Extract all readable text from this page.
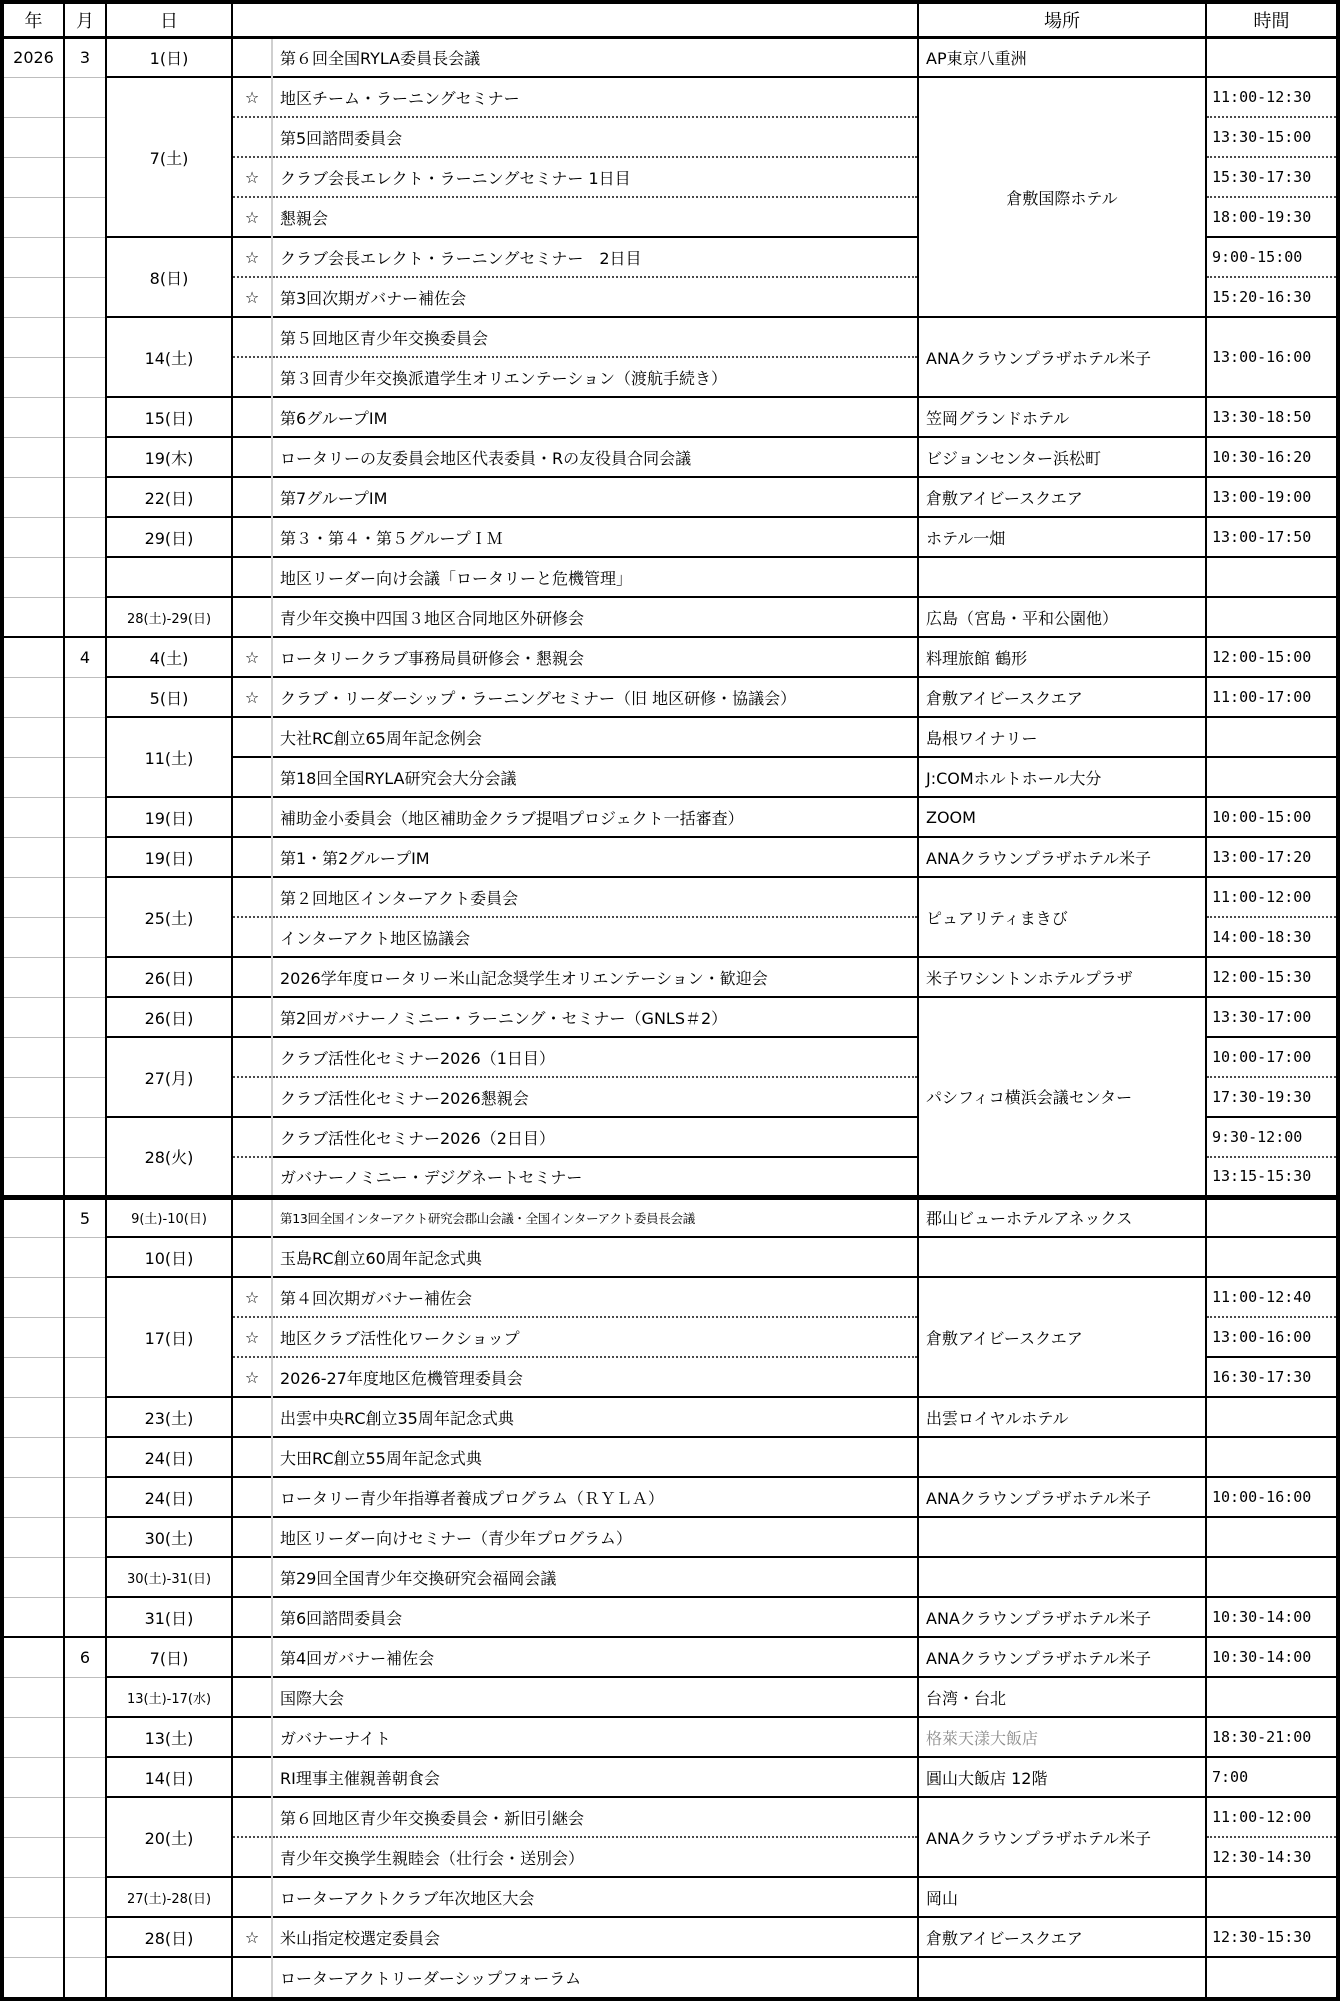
年	月	日			場所	時間
2026	3	1(日)		第６回全国RYLA委員長会議	AP東京八重洲	
		7(土)	☆	地区チーム・ラーニングセミナー	倉敷国際ホテル	11:00-12:30
				第5回諮問委員会		13:30-15:00
			☆	クラブ会長エレクト・ラーニングセミナー 1日目		15:30-17:30
			☆	懇親会		18:00-19:30
		8(日)	☆	クラブ会長エレクト・ラーニングセミナー　2日目		9:00-15:00
			☆	第3回次期ガバナー補佐会		15:20-16:30
		14(土)		第５回地区青少年交換委員会	ANAクラウンプラザホテル米子	13:00-16:00
				第３回青少年交換派遣学生オリエンテーション（渡航手続き）		
		15(日)		第6グループIM	笠岡グランドホテル	13:30-18:50
		19(木)		ロータリーの友委員会地区代表委員・Rの友役員合同会議	ビジョンセンター浜松町	10:30-16:20
		22(日)		第7グループIM	倉敷アイビースクエア	13:00-19:00
		29(日)		第３・第４・第５グループＩＭ	ホテル一畑	13:00-17:50
				地区リーダー向け会議「ロータリーと危機管理」		
		28(土)-29(日)		青少年交換中四国３地区合同地区外研修会	広島（宮島・平和公園他）	
	4	4(土)	☆	ロータリークラブ事務局員研修会・懇親会	料理旅館 鶴形	12:00-15:00
		5(日)	☆	クラブ・リーダーシップ・ラーニングセミナー（旧 地区研修・協議会）	倉敷アイビースクエア	11:00-17:00
		11(土)		大社RC創立65周年記念例会	島根ワイナリー	
				第18回全国RYLA研究会大分会議	J:COMホルトホール大分	
		19(日)		補助金小委員会（地区補助金クラブ提唱プロジェクト一括審査）	ZOOM	10:00-15:00
		19(日)		第1・第2グループIM	ANAクラウンプラザホテル米子	13:00-17:20
		25(土)		第２回地区インターアクト委員会	ピュアリティまきび	11:00-12:00
				インターアクト地区協議会		14:00-18:30
		26(日)		2026学年度ロータリー米山記念奨学生オリエンテーション・歓迎会	米子ワシントンホテルプラザ	12:00-15:30
		26(日)		第2回ガバナーノミニー・ラーニング・セミナー（GNLS＃2）	パシフィコ横浜会議センター	13:30-17:00
		27(月)		クラブ活性化セミナー2026（1日目）		10:00-17:00
				クラブ活性化セミナー2026懇親会		17:30-19:30
		28(火)		クラブ活性化セミナー2026（2日目）		9:30-12:00
				ガバナーノミニー・デジグネートセミナー		13:15-15:30
	5	9(土)-10(日)		第13回全国インターアクト研究会郡山会議・全国インターアクト委員長会議	郡山ビューホテルアネックス	
		10(日)		玉島RC創立60周年記念式典		
		17(日)	☆	第４回次期ガバナー補佐会	倉敷アイビースクエア	11:00-12:40
			☆	地区クラブ活性化ワークショップ		13:00-16:00
			☆	2026-27年度地区危機管理委員会		16:30-17:30
		23(土)		出雲中央RC創立35周年記念式典	出雲ロイヤルホテル	
		24(日)		大田RC創立55周年記念式典		
		24(日)		ロータリー青少年指導者養成プログラム（ＲＹＬＡ）	ANAクラウンプラザホテル米子	10:00-16:00
		30(土)		地区リーダー向けセミナー（青少年プログラム）		
		30(土)-31(日)		第29回全国青少年交換研究会福岡会議		
		31(日)		第6回諮問委員会	ANAクラウンプラザホテル米子	10:30-14:00
	6	7(日)		第4回ガバナー補佐会	ANAクラウンプラザホテル米子	10:30-14:00
		13(土)-17(水)		国際大会	台湾・台北	
		13(土)		ガバナーナイト	格萊天漾大飯店	18:30-21:00
		14(日)		RI理事主催親善朝食会	圓山大飯店 12階	7:00
		20(土)		第６回地区青少年交換委員会・新旧引継会	ANAクラウンプラザホテル米子	11:00-12:00
				青少年交換学生親睦会（壮行会・送別会）		12:30-14:30
		27(土)-28(日)		ローターアクトクラブ年次地区大会	岡山	
		28(日)	☆	米山指定校選定委員会	倉敷アイビースクエア	12:30-15:30
				ローターアクトリーダーシップフォーラム		
